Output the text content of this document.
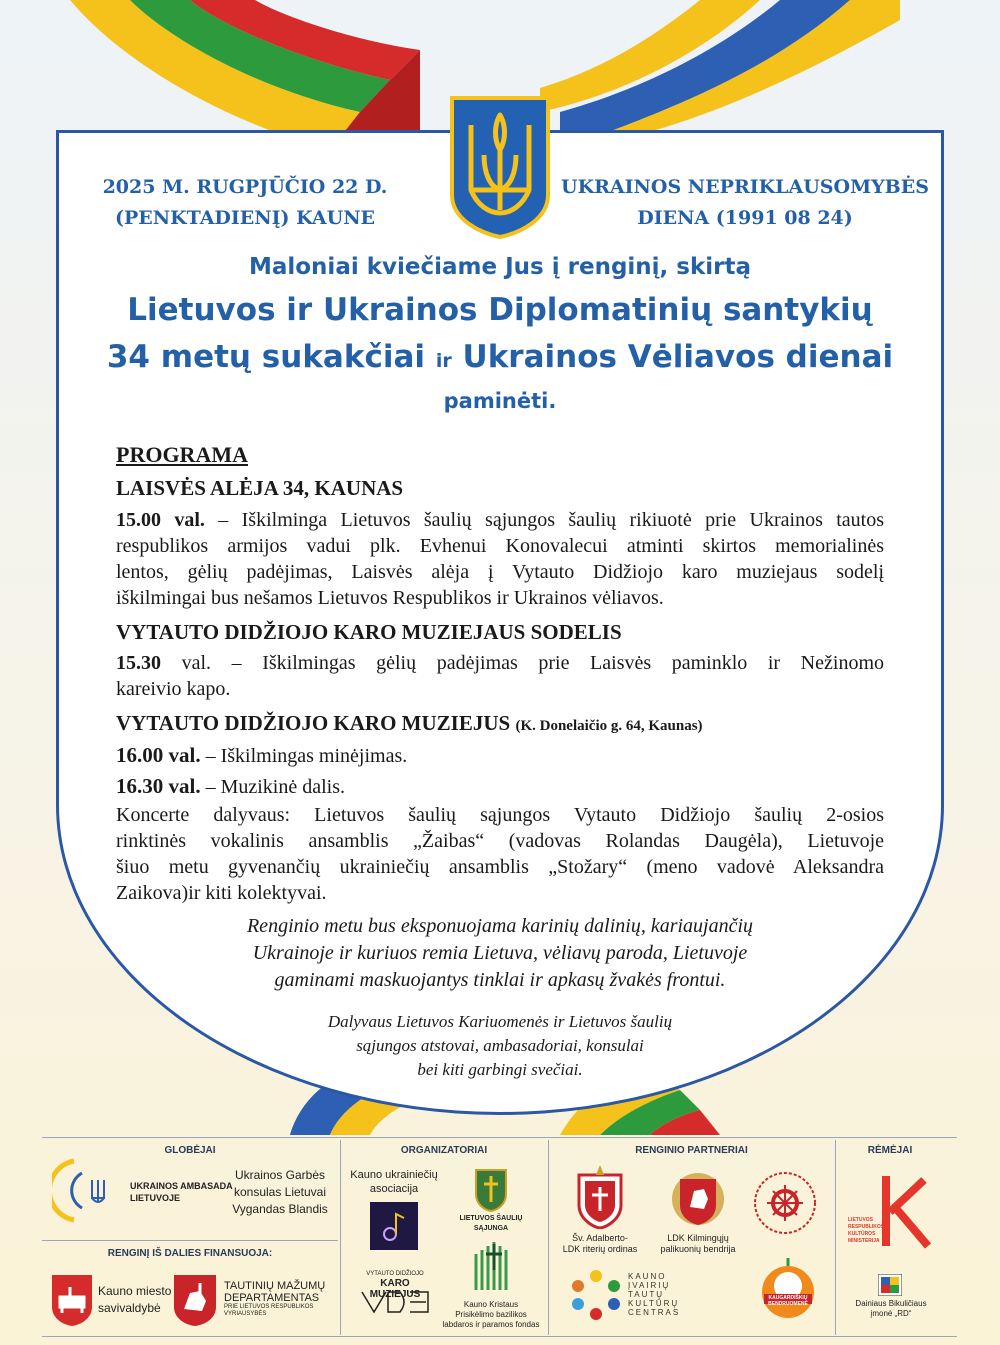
2025 M. RUGPJŪČIO 22 D.
(PENKTADIENĮ) KAUNE
UKRAINOS NEPRIKLAUSOMYBĖS
DIENA (1991 08 24)
Maloniai kviečiame Jus į renginį, skirtą
Lietuvos ir Ukrainos Diplomatinių santykių
34 metų sukakčiai ir Ukrainos Vėliavos dienai
paminėti.
PROGRAMA
LAISVĖS ALĖJA 34, KAUNAS
15.00 val. – Iškilminga Lietuvos šaulių sąjungos šaulių rikiuotė prie Ukrainos tautos
respublikos armijos vadui plk. Evhenui Konovalecui atminti skirtos memorialinės
lentos, gėlių padėjimas, Laisvės alėja į Vytauto Didžiojo karo muziejaus sodelį
iškilmingai bus nešamos Lietuvos Respublikos ir Ukrainos vėliavos.
VYTAUTO DIDŽIOJO KARO MUZIEJAUS SODELIS
15.30 val. – Iškilmingas gėlių padėjimas prie Laisvės paminklo ir Nežinomo
kareivio kapo.
VYTAUTO DIDŽIOJO KARO MUZIEJUS (K. Donelaičio g. 64, Kaunas)
16.00 val. – Iškilmingas minėjimas.
16.30 val. – Muzikinė dalis.
Koncerte dalyvaus: Lietuvos šaulių sąjungos Vytauto Didžiojo šaulių 2-osios
rinktinės vokalinis ansamblis „Žaibas“ (vadovas Rolandas Daugėla), Lietuvoje
šiuo metu gyvenančių ukrainiečių ansamblis „Stožary“ (meno vadovė Aleksandra
Zaikova)ir kiti kolektyvai.
Renginio metu bus eksponuojama karinių dalinių, kariaujančių
Ukrainoje ir kuriuos remia Lietuva, vėliavų paroda, Lietuvoje
gaminami maskuojantys tinklai ir apkasų žvakės frontui.
Dalyvaus Lietuvos Kariuomenės ir Lietuvos šaulių
sąjungos atstovai, ambasadoriai, konsulai
bei kiti garbingi svečiai.
GLOBĖJAI
UKRAINOS AMBASADA
LIETUVOJE
Ukrainos Garbės
konsulas Lietuvai
Vygandas Blandis
RENGINĮ IŠ DALIES FINANSUOJA:
Kauno miesto
savivaldybė
TAUTINIŲ MAŽUMŲ
DEPARTAMENTAS
PRIE LIETUVOS RESPUBLIKOS
VYRIAUSYBĖS
ORGANIZATORIAI
Kauno ukrainiečių
asociacija
LIETUVOS ŠAULIŲ
SĄJUNGA
VYTAUTO DIDŽIOJO
KARO MUZIEJUS
Kauno Kristaus
Prisikėlimo bazilikos
labdaros ir paramos fondas
RENGINIO PARTNERIAI
Šv. Adalberto-
LDK riterių ordinas
LDK Kilmingųjų
palikuonių bendrija
KAUNO
ĮVAIRIŲ
TAUTŲ
KULTŪRŲ
CENTRAS
KAUGARDIŠKIŲ BENDRUOMENĖ
RĖMĖJAI
LIETUVOS
RESPUBLIKOS
KULTŪROS
MINISTERIJA
Dainiaus Bikuličiaus
įmonė „RD“
